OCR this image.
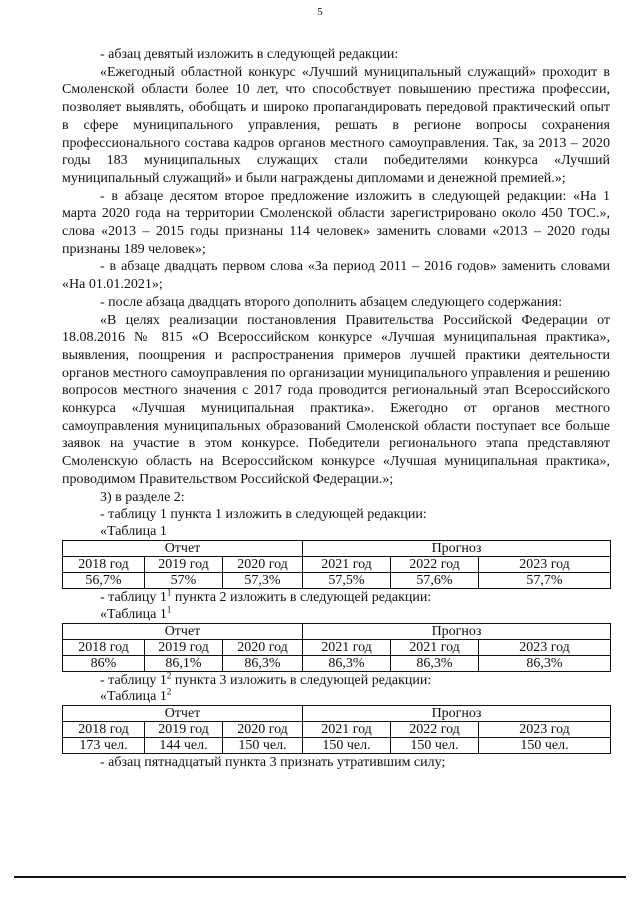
5

- абзац девятый изложить в следующей редакции:

«Ежегодный областной конкурс «Лучший муниципальный служащий» проходит в Смоленской области более 10 лет, что способствует повышению престижа профессии, позволяет выявлять, обобщать и широко пропагандировать передовой практический опыт в сфере муниципального управления, решать в регионе вопросы сохранения профессионального состава кадров органов местного самоуправления. Так, за 2013 – 2020 годы 183 муниципальных служащих стали победителями конкурса «Лучший муниципальный служащий» и были награждены дипломами и денежной премией.»;

- в абзаце десятом второе предложение изложить в следующей редакции: «На 1 марта 2020 года на территории Смоленской области зарегистрировано около 450 ТОС.», слова «2013 – 2015 годы признаны 114 человек» заменить словами «2013 – 2020 годы признаны 189 человек»;

- в абзаце двадцать первом слова «За период 2011 – 2016 годов» заменить словами «На 01.01.2021»;

- после абзаца двадцать второго дополнить абзацем следующего содержания:

«В целях реализации постановления Правительства Российской Федерации от 18.08.2016 № 815 «О Всероссийском конкурсе «Лучшая муниципальная практика», выявления, поощрения и распространения примеров лучшей практики деятельности органов местного самоуправления по организации муниципального управления и решению вопросов местного значения с 2017 года проводится региональный этап Всероссийского конкурса «Лучшая муниципальная практика». Ежегодно от органов местного самоуправления муниципальных образований Смоленской области поступает все больше заявок на участие в этом конкурсе. Победители регионального этапа представляют Смоленскую область на Всероссийском конкурсе «Лучшая муниципальная практика», проводимом Правительством Российской Федерации.»;

3) в разделе 2:

- таблицу 1 пункта 1 изложить в следующей редакции:

«Таблица 1

Отчет			Прогноз		
2018 год	2019 год	2020 год	2021 год	2022 год	2023 год
56,7%	57%	57,3%	57,5%	57,6%	57,7%

- таблицу $1^1$ пункта 2 изложить в следующей редакции:

«Таблица $1^1$

Отчет			Прогноз		
2018 год	2019 год	2020 год	2021 год	2021 год	2023 год
86%	86,1%	86,3%	86,3%	86,3%	86,3%

- таблицу $1^2$ пункта 3 изложить в следующей редакции:

«Таблица $1^2$

Отчет			Прогноз		
2018 год	2019 год	2020 год	2021 год	2022 год	2023 год
173 чел.	144 чел.	150 чел.	150 чел.	150 чел.	150 чел.

- абзац пятнадцатый пункта 3 признать утратившим силу;
